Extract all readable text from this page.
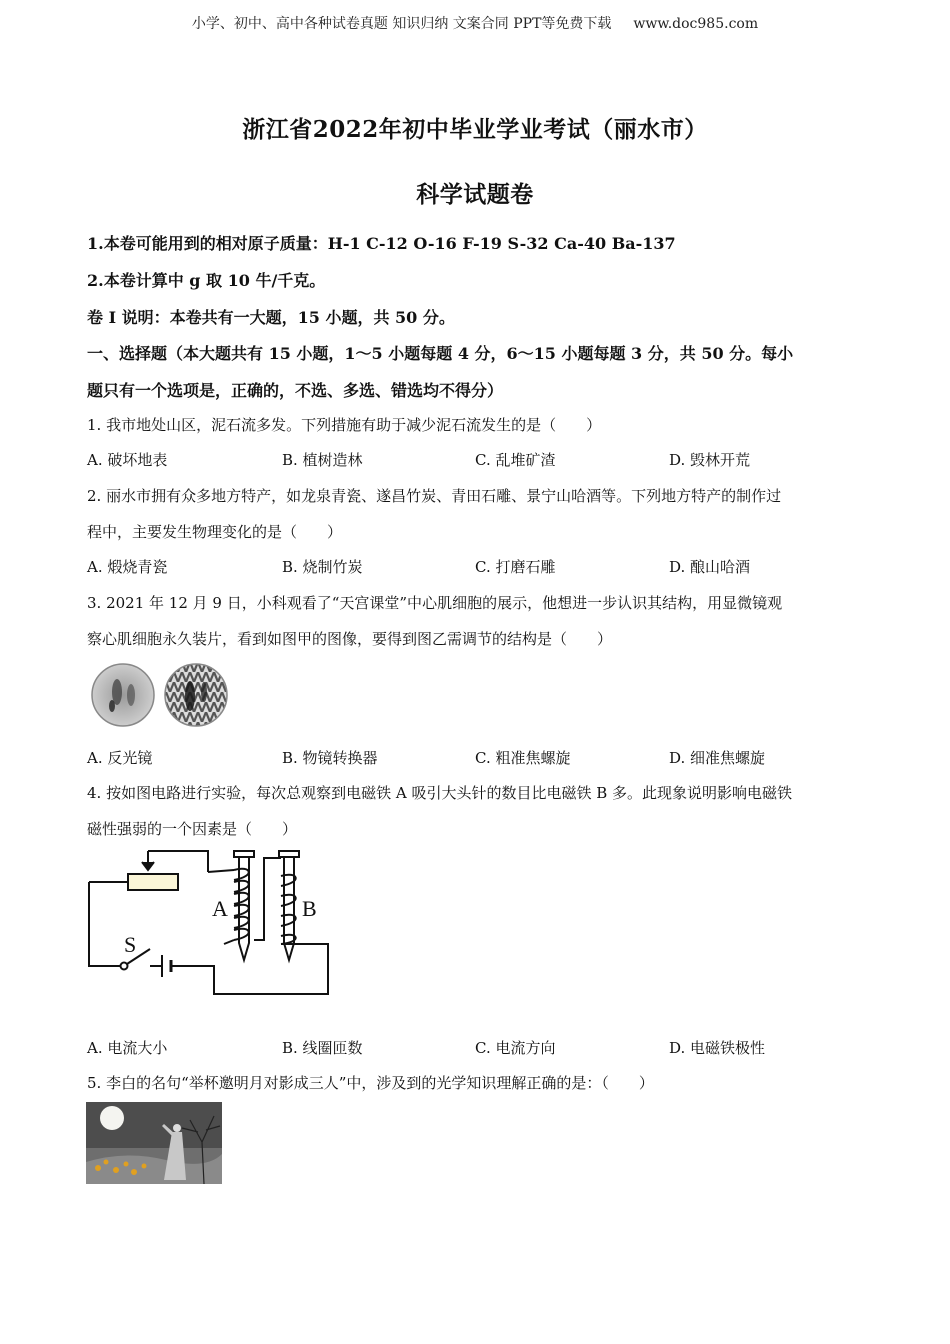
小学、初中、高中各种试卷真题 知识归纳 文案合同 PPT等免费下载 www.doc985.com
浙江省2022年初中毕业学业考试（丽水市）
科学试题卷
1.本卷可能用到的相对原子质量：H-1 C-12 O-16 F-19 S-32 Ca-40 Ba-137
2.本卷计算中 g 取 10 牛/千克。
卷 I 说明：本卷共有一大题，15 小题，共 50 分。
一、选择题（本大题共有 15 小题，1～5 小题每题 4 分，6～15 小题每题 3 分，共 50 分。每小
题只有一个选项是，正确的，不选、多选、错选均不得分）
1. 我市地处山区，泥石流多发。下列措施有助于减少泥石流发生的是（　　）
A. 破坏地表	B. 植树造林	C. 乱堆矿渣	D. 毁林开荒
2. 丽水市拥有众多地方特产，如龙泉青瓷、遂昌竹炭、青田石雕、景宁山哈酒等。下列地方特产的制作过
程中，主要发生物理变化的是（　　）
A. 煅烧青瓷	B. 烧制竹炭	C. 打磨石雕	D. 酿山哈酒
3. 2021 年 12 月 9 日，小科观看了“天宫课堂”中心肌细胞的展示，他想进一步认识其结构，用显微镜观
察心肌细胞永久装片，看到如图甲的图像，要得到图乙需调节的结构是（　　）
A. 反光镜	B. 物镜转换器	C. 粗准焦螺旋	D. 细准焦螺旋
4. 按如图电路进行实验，每次总观察到电磁铁 A 吸引大头针的数目比电磁铁 B 多。此现象说明影响电磁铁
磁性强弱的一个因素是（　　）
A	B
S
A. 电流大小	B. 线圈匝数	C. 电流方向	D. 电磁铁极性
5. 李白的名句“举杯邀明月对影成三人”中，涉及到的光学知识理解正确的是：（　　）
